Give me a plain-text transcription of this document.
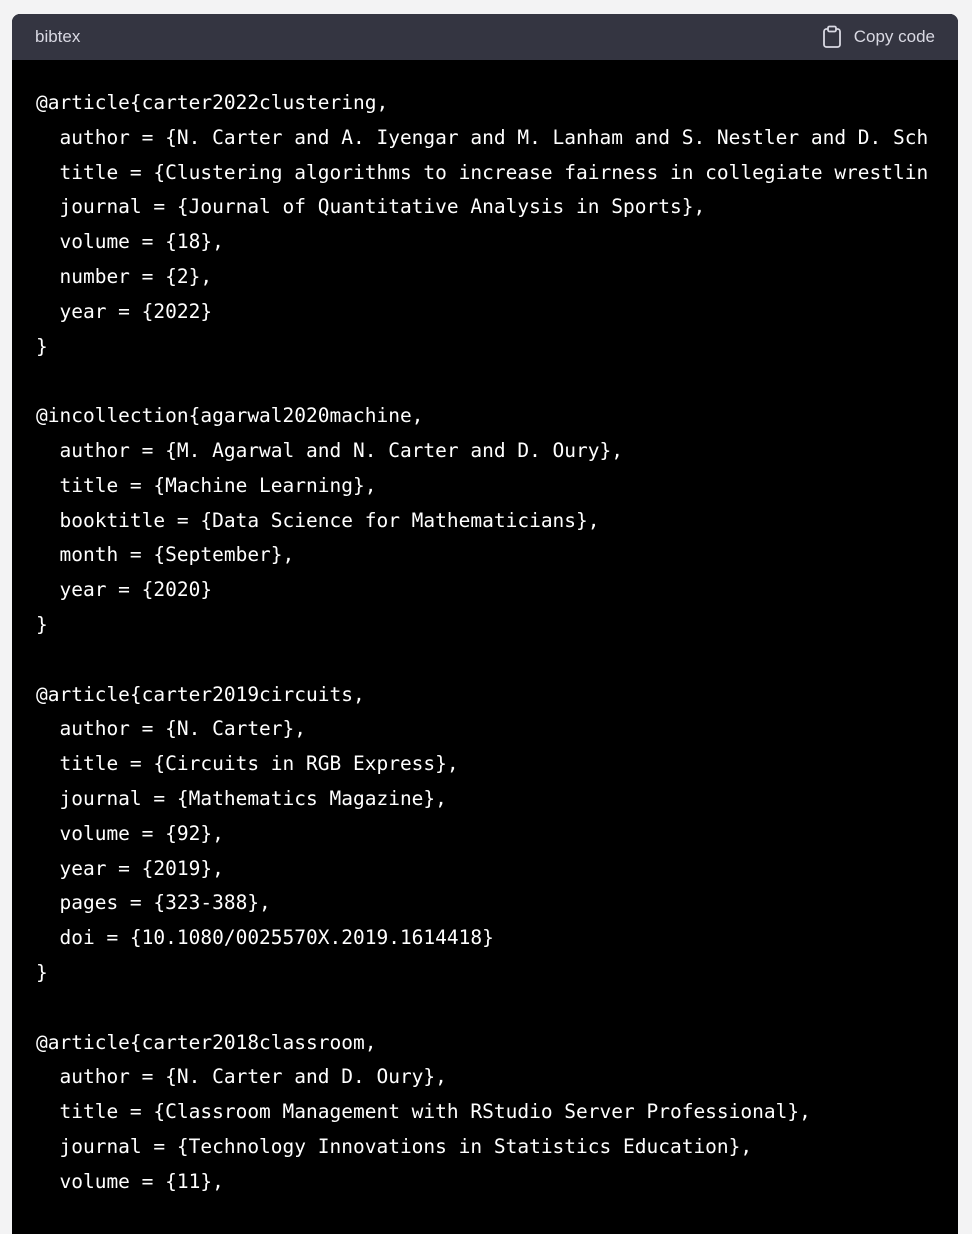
bibtex	Copy code
@article{carter2022clustering,
author = {N. Carter and A. Iyengar and M. Lanham and S. Nestler and D. Sch
title = {Clustering algorithms to increase fairness in collegiate wrestlin
journal = {Journal of Quantitative Analysis in Sports},
volume = {18},
number = {2},
year = {2022}
}

@incollection{agarwal2020machine,
author = {M. Agarwal and N. Carter and D. Oury},
title = {Machine Learning},
booktitle = {Data Science for Mathematicians},
month = {September},
year = {2020}
}

@article{carter2019circuits,
author = {N. Carter},
title = {Circuits in RGB Express},
journal = {Mathematics Magazine},
volume = {92},
year = {2019},
pages = {323-388},
doi = {10.1080/0025570X.2019.1614418}
}

@article{carter2018classroom,
author = {N. Carter and D. Oury},
title = {Classroom Management with RStudio Server Professional},
journal = {Technology Innovations in Statistics Education},
volume = {11},
